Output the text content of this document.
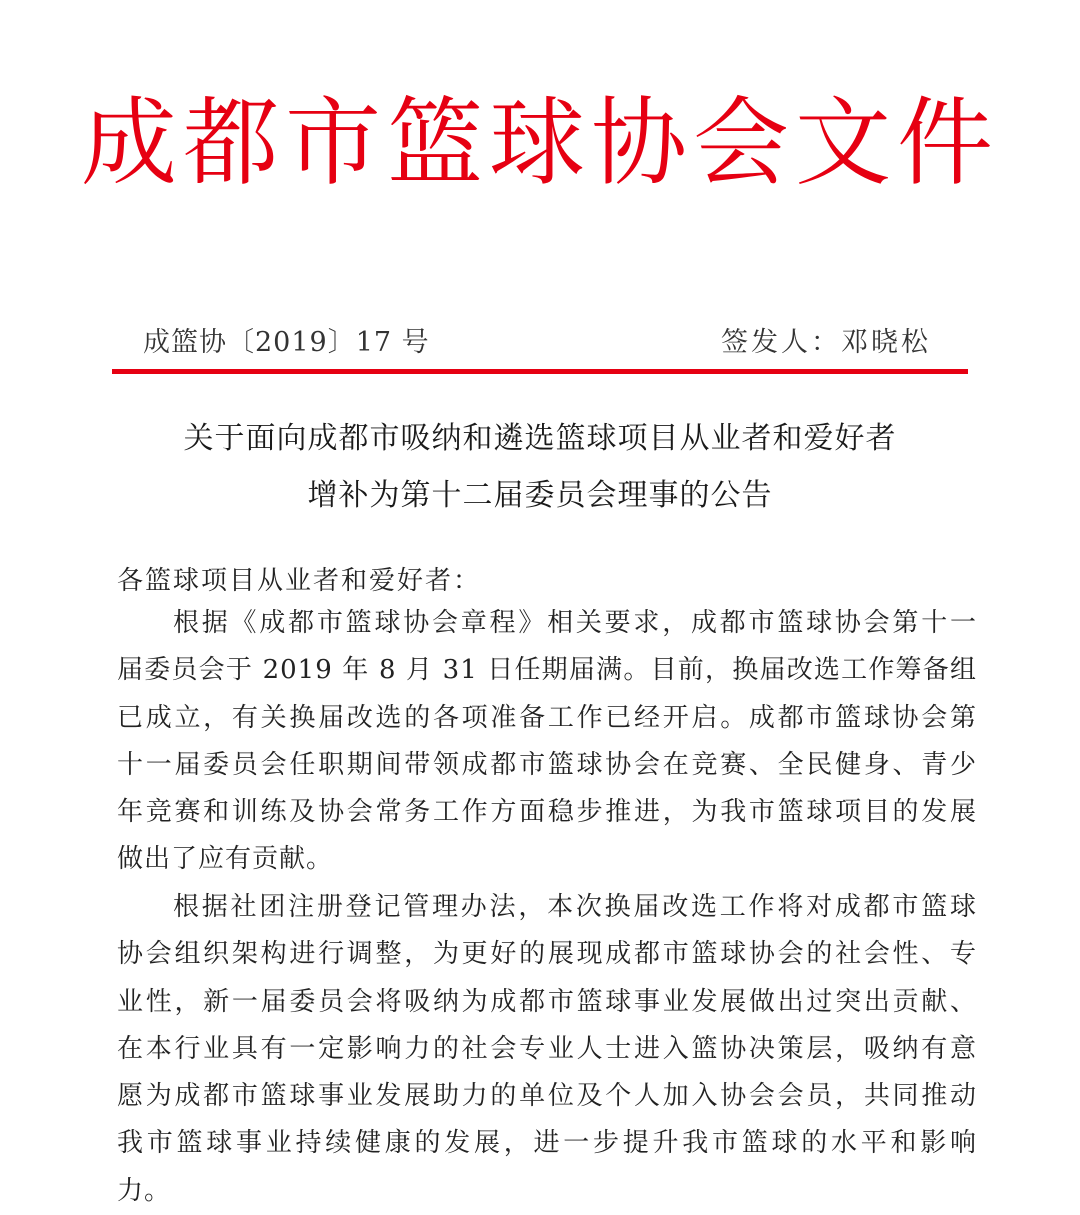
成都市篮球协会文件
成篮协〔2019〕17 号	签发人：邓晓松
关于面向成都市吸纳和遴选篮球项目从业者和爱好者
增补为第十二届委员会理事的公告
各篮球项目从业者和爱好者：
根据《成都市篮球协会章程》相关要求，成都市篮球协会第十一
届委员会于 2019 年 8 月 31 日任期届满。目前，换届改选工作筹备组
已成立，有关换届改选的各项准备工作已经开启。成都市篮球协会第
十一届委员会任职期间带领成都市篮球协会在竞赛、全民健身、青少
年竞赛和训练及协会常务工作方面稳步推进，为我市篮球项目的发展
做出了应有贡献。
根据社团注册登记管理办法，本次换届改选工作将对成都市篮球
协会组织架构进行调整，为更好的展现成都市篮球协会的社会性、专
业性，新一届委员会将吸纳为成都市篮球事业发展做出过突出贡献、
在本行业具有一定影响力的社会专业人士进入篮协决策层，吸纳有意
愿为成都市篮球事业发展助力的单位及个人加入协会会员，共同推动
我市篮球事业持续健康的发展，进一步提升我市篮球的水平和影响
力。
